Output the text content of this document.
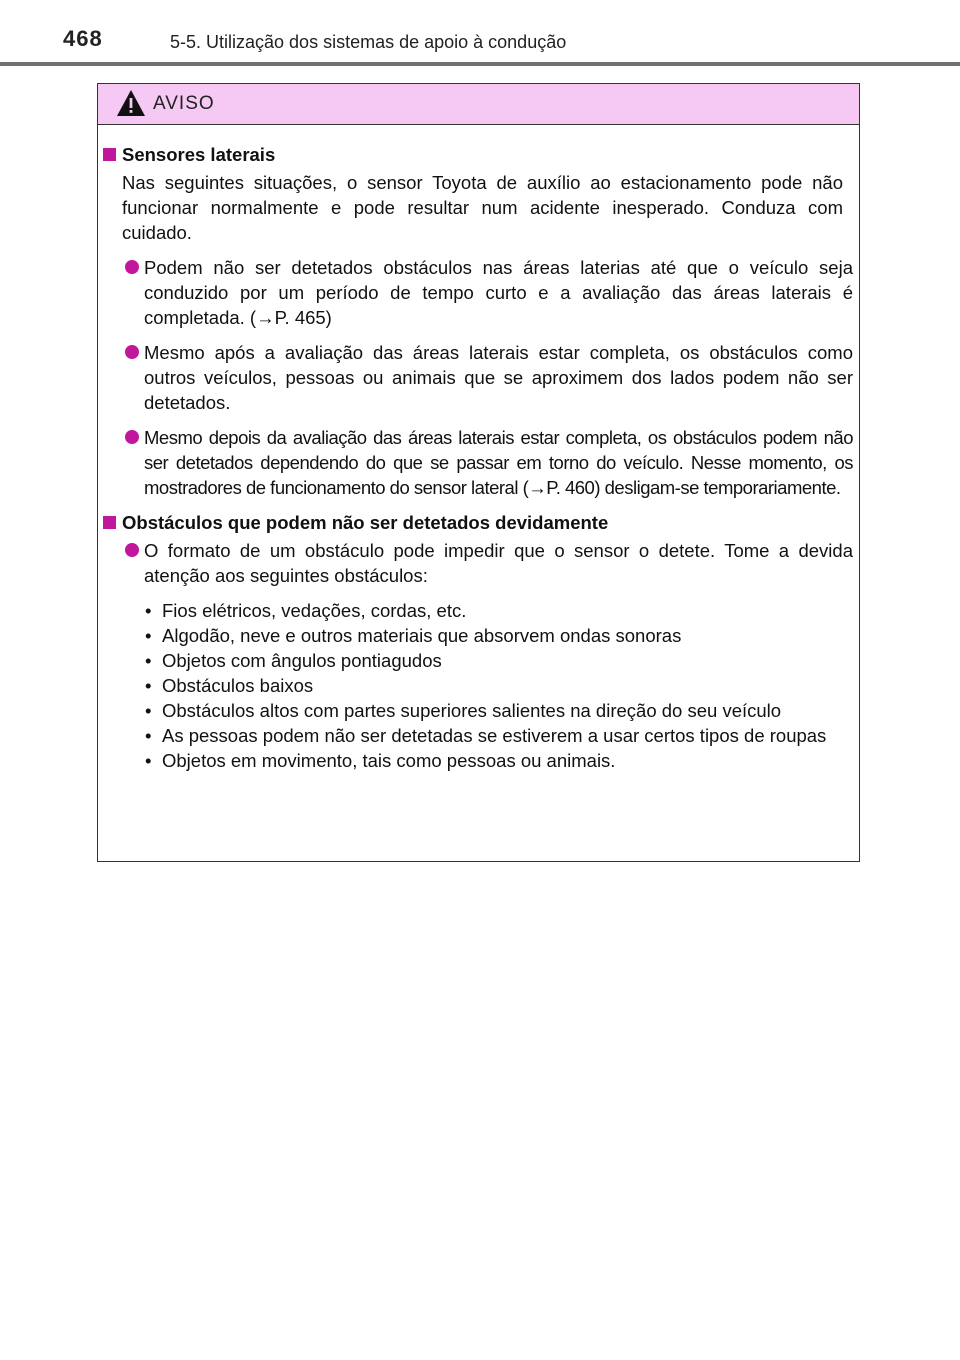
468	5-5. Utilização dos sistemas de apoio à condução
AVISO
Sensores laterais

Nas seguintes situações, o sensor Toyota de auxílio ao estacionamento pode não funcionar normalmente e pode resultar num acidente inesperado. Conduza com cuidado.

Podem não ser detetados obstáculos nas áreas laterias até que o veículo seja conduzido por um período de tempo curto e a avaliação das áreas laterais é completada. (→P. 465)
Mesmo após a avaliação das áreas laterais estar completa, os obstáculos como outros veículos, pessoas ou animais que se aproximem dos lados podem não ser detetados.
Mesmo depois da avaliação das áreas laterais estar completa, os obstáculos podem não ser detetados dependendo do que se passar em torno do veículo. Nesse momento, os mostradores de funcionamento do sensor lateral (→P. 460) desligam-se temporariamente.
Obstáculos que podem não ser detetados devidamente
O formato de um obstáculo pode impedir que o sensor o detete. Tome a devida atenção aos seguintes obstáculos:
• Fios elétricos, vedações, cordas, etc.
• Algodão, neve e outros materiais que absorvem ondas sonoras
• Objetos com ângulos pontiagudos
• Obstáculos baixos
• Obstáculos altos com partes superiores salientes na direção do seu veículo
• As pessoas podem não ser detetadas se estiverem a usar certos tipos de roupas
• Objetos em movimento, tais como pessoas ou animais.
